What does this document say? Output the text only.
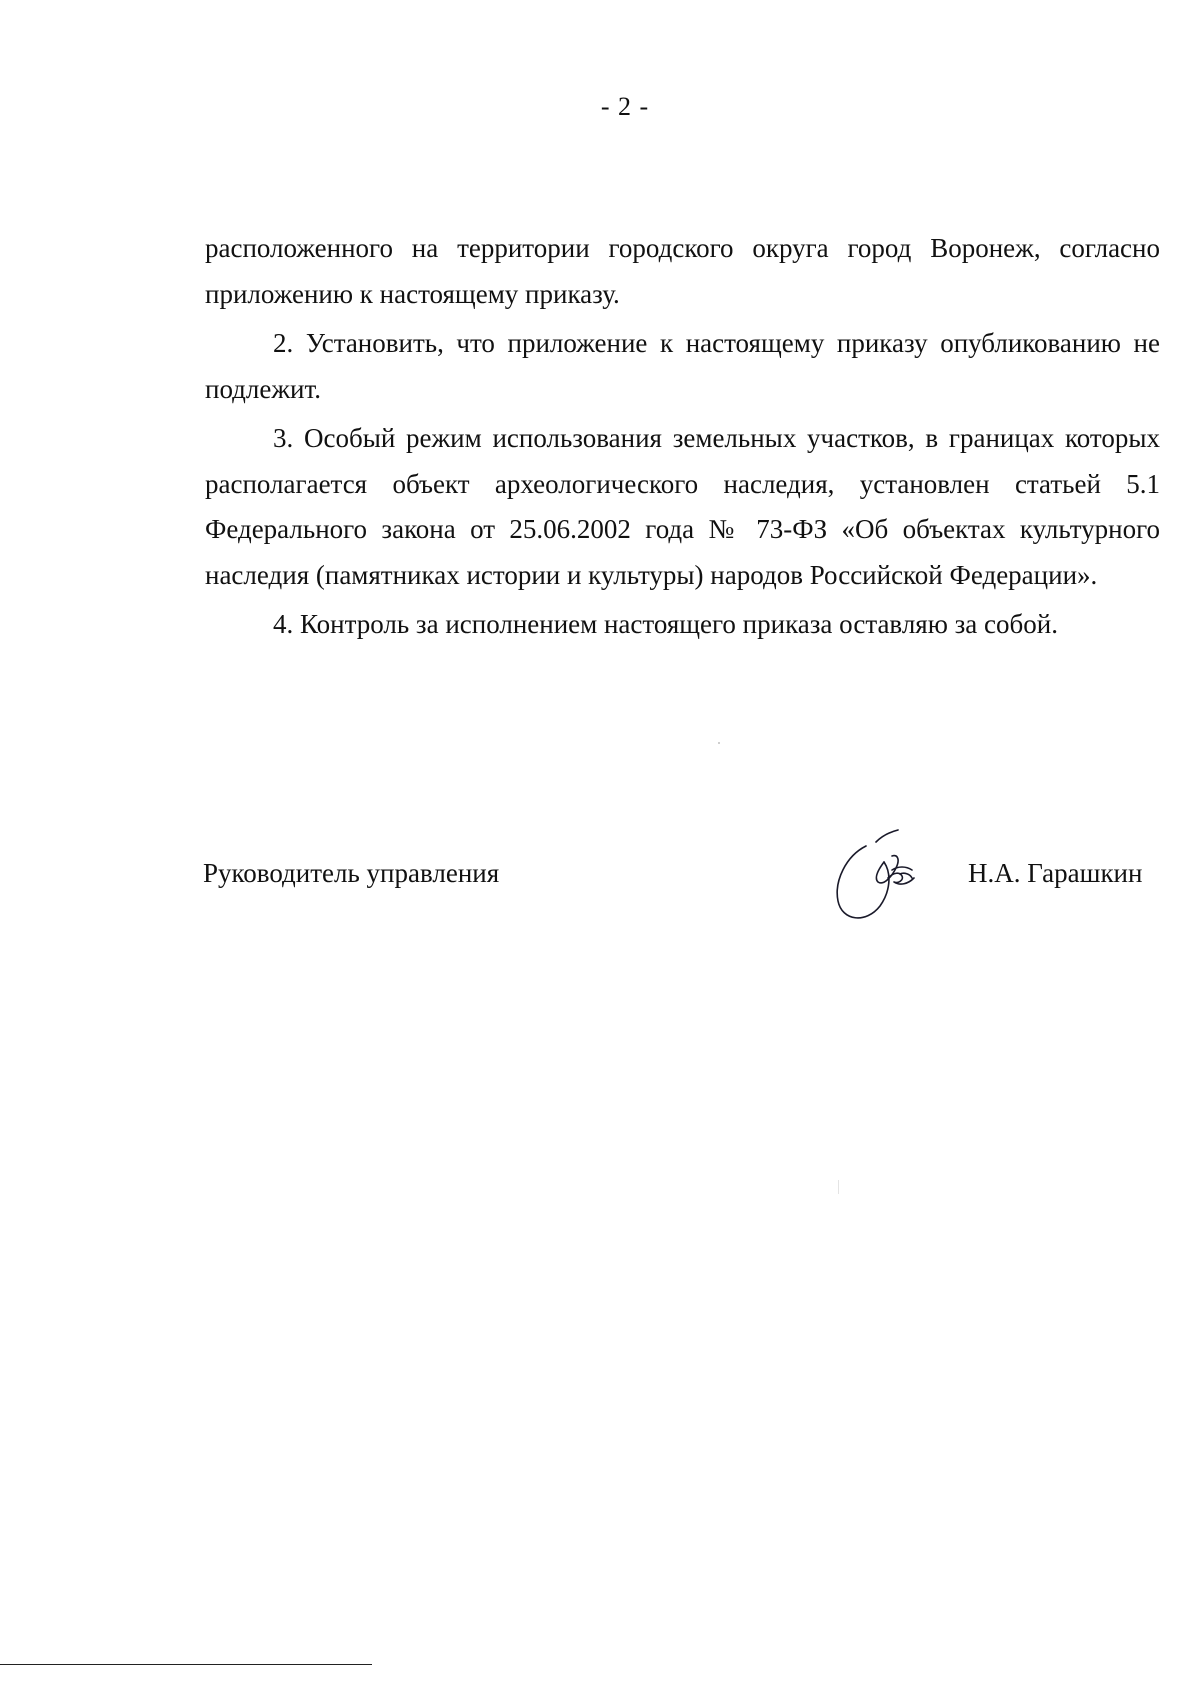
- 2 -

расположенного на территории городского округа город Воронеж, согласно приложению к настоящему приказу.

2. Установить, что приложение к настоящему приказу опубликованию не подлежит.

3. Особый режим использования земельных участков, в границах которых располагается объект археологического наследия, установлен статьей 5.1 Федерального закона от 25.06.2002 года № 73-ФЗ «Об объектах культурного наследия (памятниках истории и культуры) народов Российской Федерации».

4. Контроль за исполнением настоящего приказа оставляю за собой.

Руководитель управления	Н.А. Гарашкин
